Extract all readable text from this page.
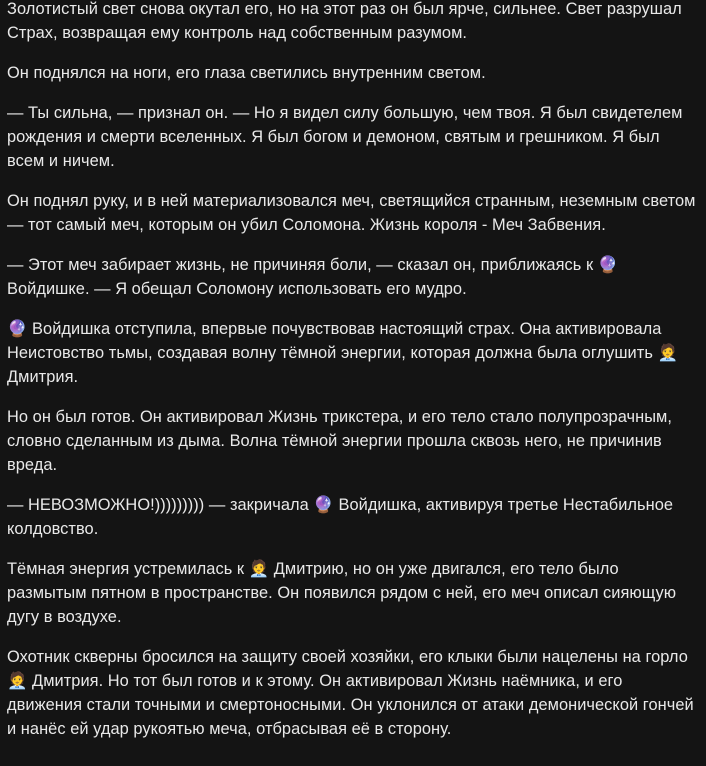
Золотистый свет снова окутал его, но на этот раз он был ярче, сильнее. Свет разрушал Страх, возвращая ему контроль над собственным разумом.

Он поднялся на ноги, его глаза светились внутренним светом.

— Ты сильна, — признал он. — Но я видел силу большую, чем твоя. Я был свидетелем рождения и смерти вселенных. Я был богом и демоном, святым и грешником. Я был всем и ничем.

Он поднял руку, и в ней материализовался меч, светящийся странным, неземным светом — тот самый меч, которым он убил Соломона. Жизнь короля - Меч Забвения.

— Этот меч забирает жизнь, не причиняя боли, — сказал он, приближаясь к 🔮 Войдишке. — Я обещал Соломону использовать его мудро.

🔮 Войдишка отступила, впервые почувствовав настоящий страх. Она активировала Неистовство тьмы, создавая волну тёмной энергии, которая должна была оглушить 🧑‍💼 Дмитрия.

Но он был готов. Он активировал Жизнь трикстера, и его тело стало полупрозрачным, словно сделанным из дыма. Волна тёмной энергии прошла сквозь него, не причинив вреда.

— НЕВОЗМОЖНО!))))))))) — закричала 🔮 Войдишка, активируя третье Нестабильное колдовство.

Тёмная энергия устремилась к 🧑‍💼 Дмитрию, но он уже двигался, его тело было размытым пятном в пространстве. Он появился рядом с ней, его меч описал сияющую дугу в воздухе.

Охотник скверны бросился на защиту своей хозяйки, его клыки были нацелены на горло 🧑‍💼 Дмитрия. Но тот был готов и к этому. Он активировал Жизнь наёмника, и его движения стали точными и смертоносными. Он уклонился от атаки демонической гончей и нанёс ей удар рукоятью меча, отбрасывая её в сторону.
